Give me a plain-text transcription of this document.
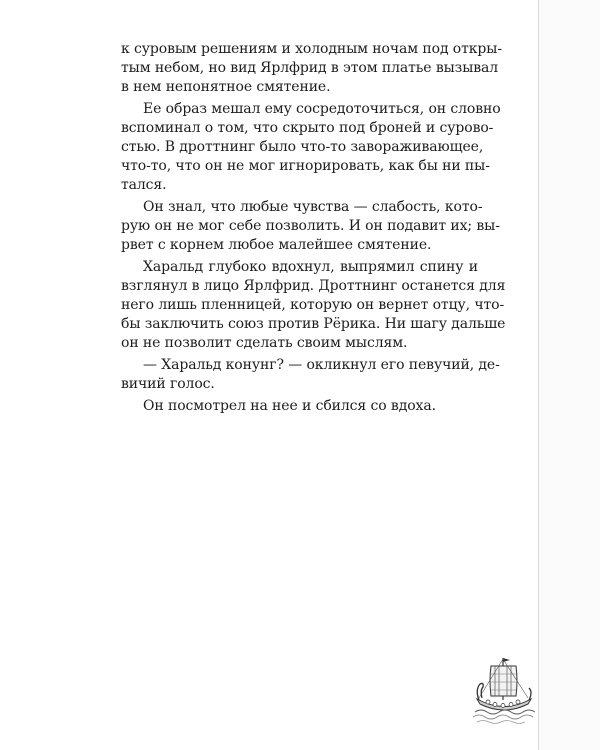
к суровым решениям и холодным ночам под откры-
тым небом, но вид Ярлфрид в этом платье вызывал
в нем непонятное смятение.
Ее образ мешал ему сосредоточиться, он словно
вспоминал о том, что скрыто под броней и сурово-
стью. В дроттнинг было что-то завораживающее,
что-то, что он не мог игнорировать, как бы ни пы-
тался.
Он знал, что любые чувства — слабость, кото-
рую он не мог себе позволить. И он подавит их; вы-
рвет с корнем любое малейшее смятение.
Харальд глубоко вдохнул, выпрямил спину и
взглянул в лицо Ярлфрид. Дроттнинг останется для
него лишь пленницей, которую он вернет отцу, что-
бы заключить союз против Рёрика. Ни шагу дальше
он не позволит сделать своим мыслям.
— Харальд конунг? — окликнул его певучий, де-
вичий голос.
Он посмотрел на нее и сбился со вдоха.
